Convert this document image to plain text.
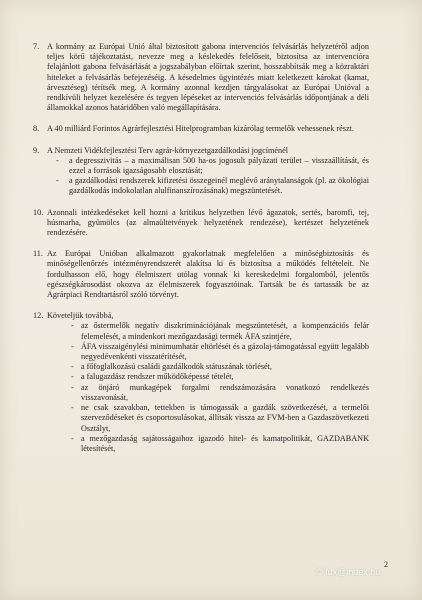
7. A kormány az Európai Unió által biztosított gabona intervenciós felvásárlás helyzetéről adjon teljes körű tájékoztatást, nevezze meg a késlekedés felelőseit, biztosítsa az intervencióra felajánlott gabona felvásárlását a jogszabályban előírtak szerint, hosszabbítsák meg a közraktári hiteleket a felvásárlás befejezéséig. A késedelmes ügyintézés miatt keletkezett károkat (kamat, árvesztéseg) térítsék meg. A kormány azonnal kezdjen tárgyalásokat az Európai Unióval a rendkívüli helyzet kezelésére és tegyen lépéseket az intervenciós felvásárlás időpontjának a déli államokkal azonos határidőben való megállapítására.

8. A 40 milliárd Forintos Agrárfejlesztési Hitelprogramban kizárólag termelők vehessenek részt.

9. A Nemzeti Vidékfejlesztési Terv agrár-környezetgazdálkodási jogcíménél

- a degresszivitás – a maximálisan 500 ha-os jogosult pályázati terület – visszaállítását, és ezzel a források igazságosabb elosztását;
- a gazdálkodási rendszerek kifizetési összegeinél meglévő aránytalanságok (pl. az ökológiai gazdálkodás indokolatlan alulfinanszírozásának) megszüntetését.
10. Azonnali intézkedéseket kell hozni a kritikus helyzetben lévő ágazatok, sertés, baromfi, tej, húsmarha, gyümölcs (az almaültetvények helyzetének rendezése), kertészet helyzetének rendezésére.

11. Az Európai Unióban alkalmazott gyakorlatnak megfelelően a minőségbiztosítás és minőségellenőrzés intézményrendszerét alakítsa ki és biztosítsa a működés feltételeit. Ne fordulhasson elő, hogy élelmiszert utólag vonnak ki kereskedelmi forgalomból, jelentős egészségkárosodást okozva az élelmiszerek fogyasztóinak. Tartsák be és tartassák be az Agrárpiaci Rendtartásról szóló törvényt.

12. Követeljük továbbá,

- az őstermelők negatív diszkriminációjának megszüntetését, a kompenzációs felár felemelését, a mindenkori mezőgazdasági termék ÁFA szintjére,
- ÁFA visszaigénylési minimumhatár eltörlését és a gázolaj-támogatással együtt legalább negyedévenkénti visszatérítését,
- a főfoglalkozású családi gazdálkodók státuszának törlését,
- a falugazdász rendszer működőképessé tételét,
- az önjáró munkagépek forgalmi rendszámozására vonatkozó rendelkezés visszavonását,
- ne csak szavakban, tettekben is támogassák a gazdák szövetkezését, a termelői szerveződéseket és csoportosulásokat, állítsák vissza az FVM-ben a Gazdaszövetkezeti Osztályt,
- a mezőgazdaság sajátosságaihoz igazodó hitel- és kamatpolitikát, GAZDABANK létesítését,
2
© fux@index.hu
